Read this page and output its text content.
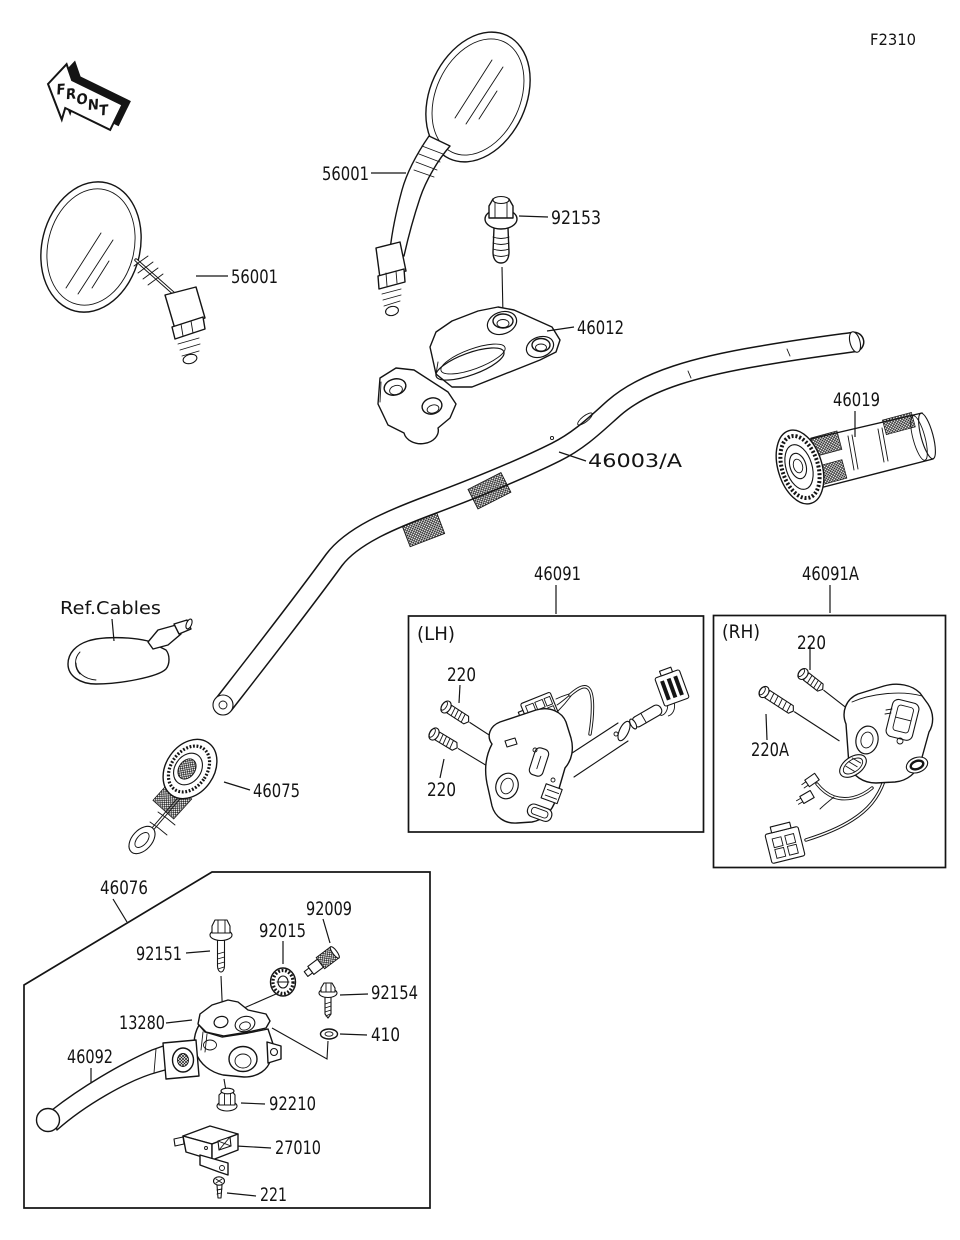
F2310
FRONT
56001
56001
92153
46012
46003/A
46019
Ref.Cables
46075
(LH)
46091
220
220
(RH)
46091A
220
220A
46076
92151
92015
92009
92154
410
13280
46092
92210
27010
221
